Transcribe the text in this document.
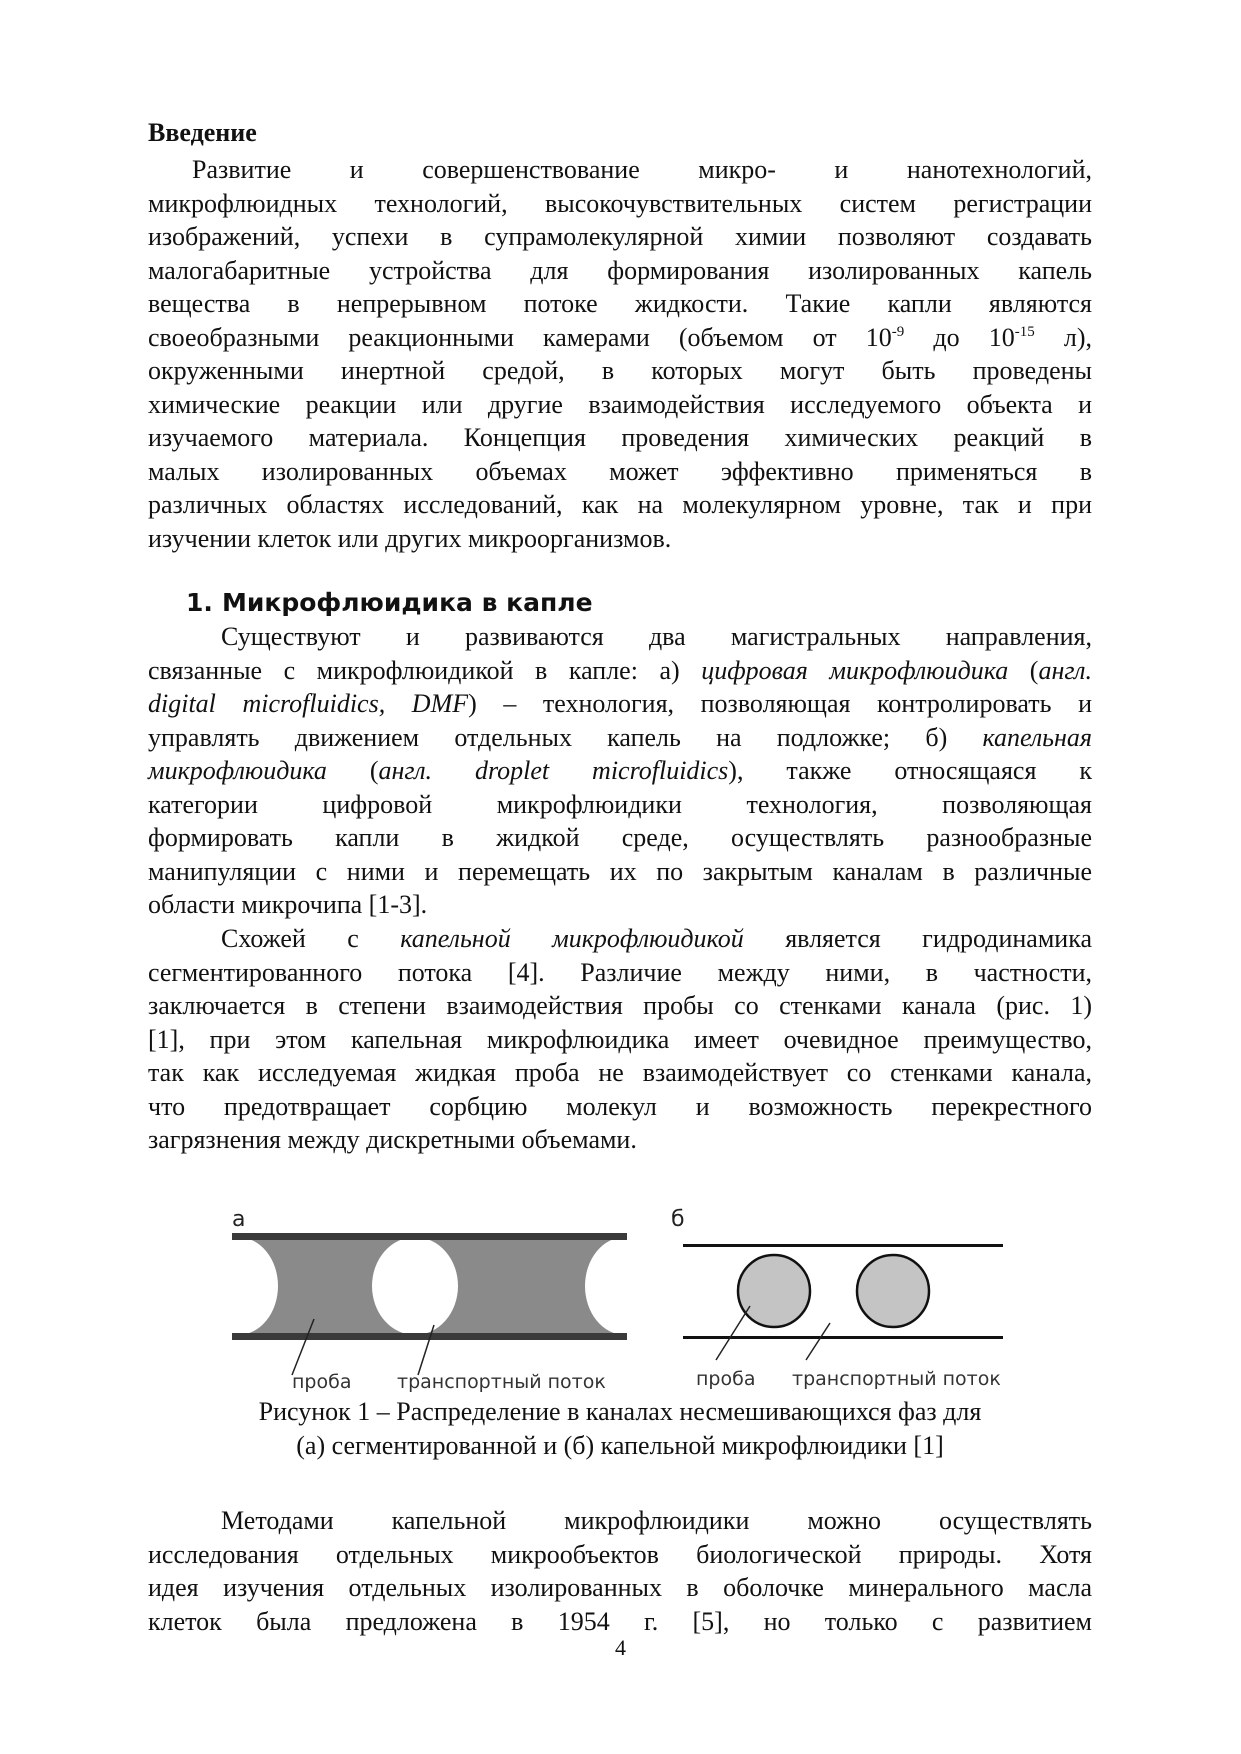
Введение
Развитие и совершенствование микро- и нанотехнологий,
микрофлюидных технологий, высокочувствительных систем регистрации
изображений, успехи в супрамолекулярной химии позволяют создавать
малогабаритные устройства для формирования изолированных капель
вещества в непрерывном потоке жидкости. Такие капли являются
своеобразными реакционными камерами (объемом от $10^{-9}$ до $10^{-15}$ л),
окруженными инертной средой, в которых могут быть проведены
химические реакции или другие взаимодействия исследуемого объекта и
изучаемого материала. Концепция проведения химических реакций в
малых изолированных объемах может эффективно применяться в
различных областях исследований, как на молекулярном уровне, так и при
изучении клеток или других микроорганизмов.
1. Микрофлюидика в капле
Существуют и развиваются два магистральных направления,
связанные с микрофлюидикой в капле: а) цифровая микрофлюидика (англ.
digital microfluidics, DMF) – технология, позволяющая контролировать и
управлять движением отдельных капель на подложке; б) капельная
микрофлюидика (англ. droplet microfluidics), также относящаяся к
категории цифровой микрофлюидики технология, позволяющая
формировать капли в жидкой среде, осуществлять разнообразные
манипуляции с ними и перемещать их по закрытым каналам в различные
области микрочипа [1-3].
Схожей с капельной микрофлюидикой является гидродинамика
сегментированного потока [4]. Различие между ними, в частности,
заключается в степени взаимодействия пробы со стенками канала (рис. 1)
[1], при этом капельная микрофлюидика имеет очевидное преимущество,
так как исследуемая жидкая проба не взаимодействует со стенками канала,
что предотвращает сорбцию молекул и возможность перекрестного
загрязнения между дискретными объемами.
а
проба транспортный поток
б
проба транспортный поток
Рисунок 1 – Распределение в каналах несмешивающихся фаз для
(а) сегментированной и (б) капельной микрофлюидики [1]
Методами капельной микрофлюидики можно осуществлять
исследования отдельных микрообъектов биологической природы. Хотя
идея изучения отдельных изолированных в оболочке минерального масла
клеток была предложена в 1954 г. [5], но только с развитием
4
